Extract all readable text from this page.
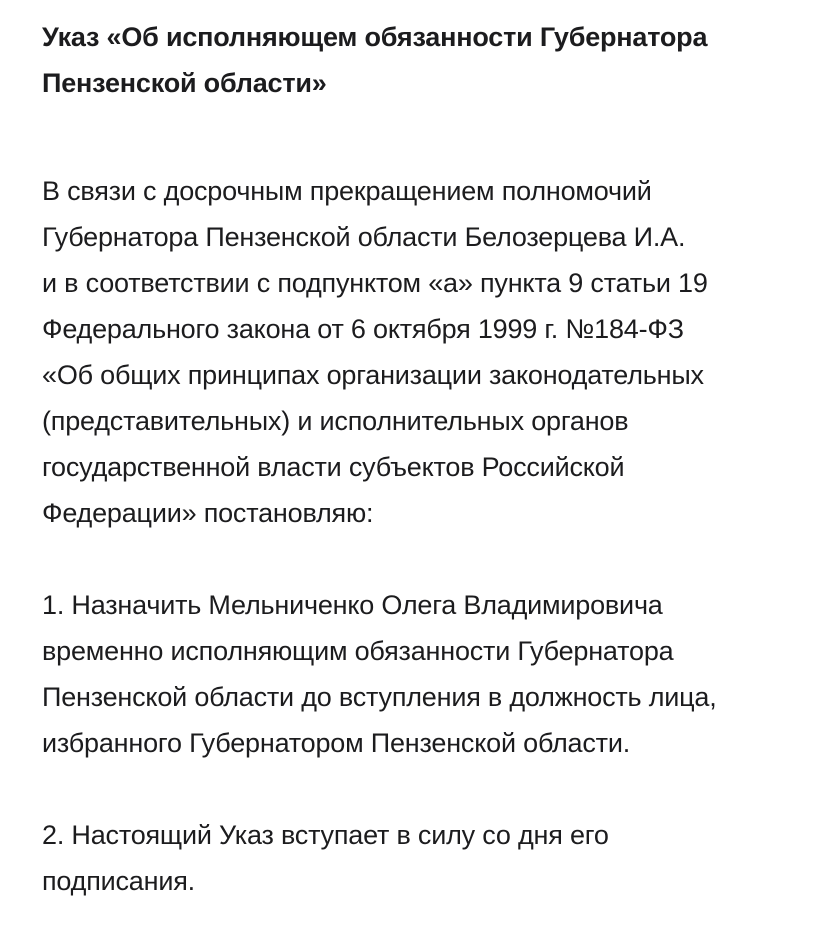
Указ «Об исполняющем обязанности Губернатора
Пензенской области»

В связи с досрочным прекращением полномочий
Губернатора Пензенской области Белозерцева И.А.
и в соответствии с подпунктом «а» пункта 9 статьи 19
Федерального закона от 6 октября 1999 г. №184-ФЗ
«Об общих принципах организации законодательных
(представительных) и исполнительных органов
государственной власти субъектов Российской
Федерации» постановляю:

1. Назначить Мельниченко Олега Владимировича
временно исполняющим обязанности Губернатора
Пензенской области до вступления в должность лица,
избранного Губернатором Пензенской области.

2. Настоящий Указ вступает в силу со дня его
подписания.
